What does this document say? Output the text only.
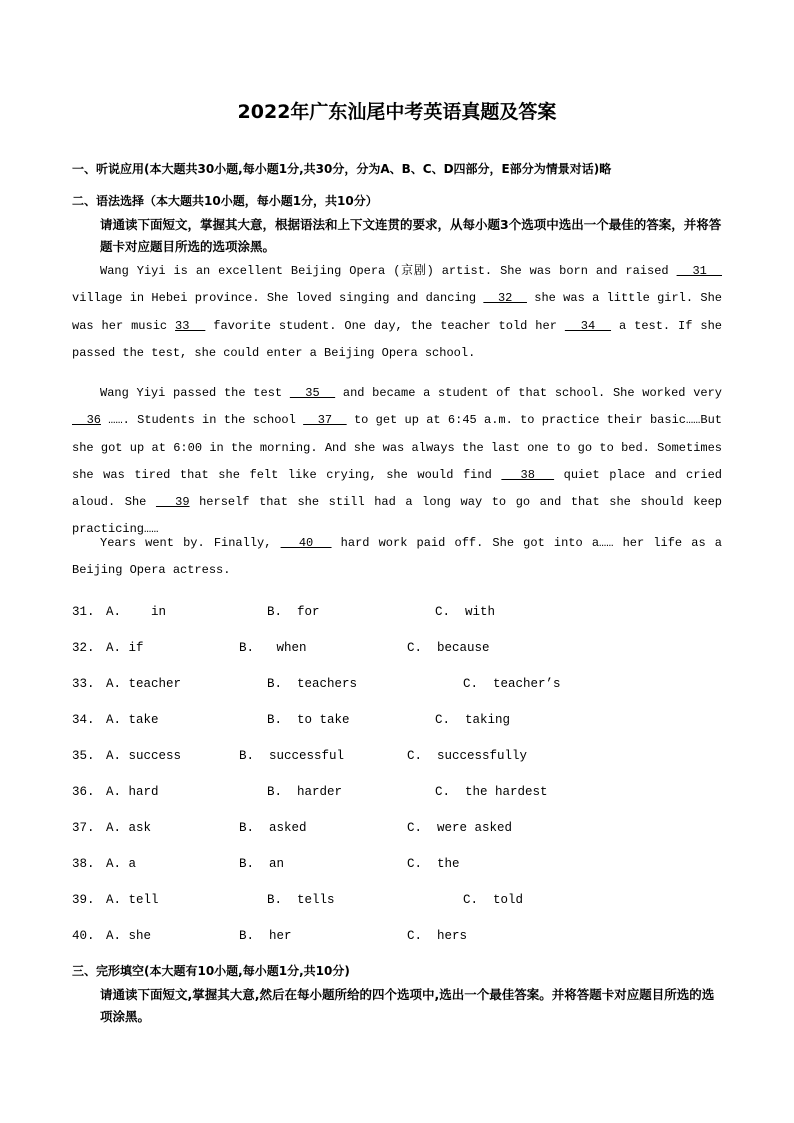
2022年广东汕尾中考英语真题及答案
一、听说应用(本大题共30小题,每小题1分,共30分，分为A、B、C、D四部分，E部分为情景对话)略
二、语法选择（本大题共10小题，每小题1分，共10分）
请通读下面短文，掌握其大意，根据语法和上下文连贯的要求，从每小题3个选项中选出一个最佳的答案，并将答题卡对应题目所选的选项涂黑。
Wang Yiyi is an excellent Beijing Opera (京剧) artist. She was born and raised   31   village in Hebei province. She loved singing and dancing   32   she was a little girl. She was her music 33   favorite student. One day, the teacher told her   34   a test. If she passed the test, she could enter a Beijing Opera school.
Wang Yiyi passed the test   35   and became a student of that school. She worked very  36 ……. Students in the school   37   to get up at 6:45 a.m. to practice their basic……But she got up at 6:00 in the morning. And she was always the last one to go to bed. Sometimes she was tired that she felt like crying, she would find   38   quiet place and cried aloud. She   39 herself that she still had a long way to go and that she should keep practicing……
Years went by. Finally,   40   hard work paid off. She got into a…… her life as a Beijing Opera actress.
31. A.    in	B.  for	C.  with
32. A. if	B.   when	C.  because
33. A. teacher	B.  teachers	C.  teacher’s
34. A. take	B.  to take	C.  taking
35. A. success	B.  successful	C.  successfully
36. A. hard	B.  harder	C.  the hardest
37. A. ask	B.  asked	C.  were asked
38. A. a	B.  an	C.  the
39. A. tell	B.  tells	C.  told
40. A. she	B.  her	C.  hers
三、完形填空(本大题有10小题,每小题1分,共10分)
请通读下面短文,掌握其大意,然后在每小题所给的四个选项中,选出一个最佳答案。并将答题卡对应题目所选的选项涂黑。
